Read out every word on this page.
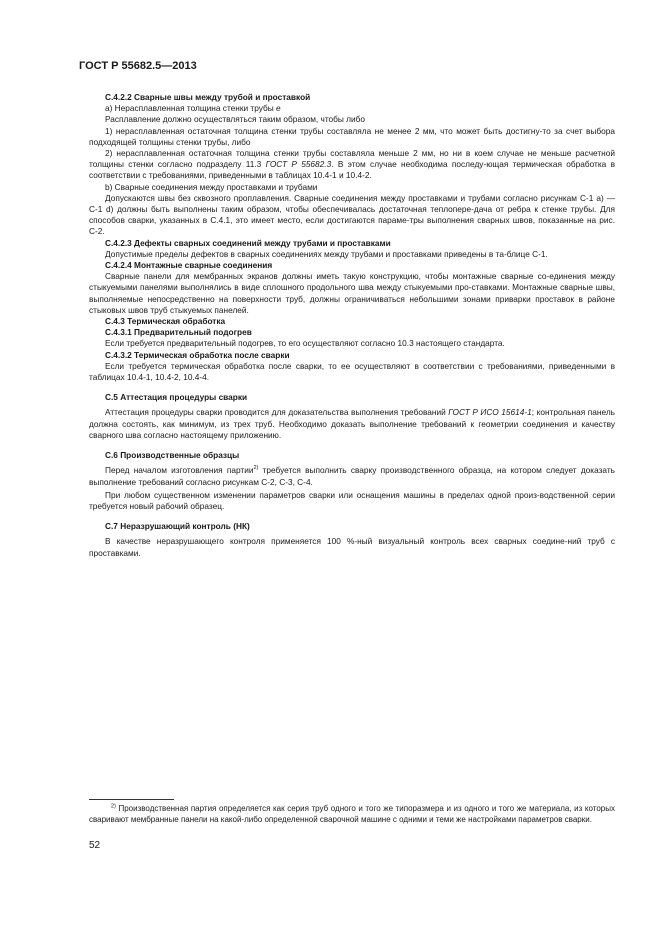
ГОСТ Р 55682.5—2013

С.4.2.2 Сварные швы между трубой и проставкой

а) Нерасплавленная толщина стенки трубы e

Расплавление должно осуществляться таким образом, чтобы либо

1) нерасплавленная остаточная толщина стенки трубы составляла не менее 2 мм, что может быть достигну-то за счет выбора подходящей толщины стенки трубы, либо

2) нерасплавленная остаточная толщина стенки трубы составляла меньше 2 мм, но ни в коем случае не меньше расчетной толщины стенки согласно подразделу 11.3 ГОСТ Р 55682.3. В этом случае необходима последу-ющая термическая обработка в соответствии с требованиями, приведенными в таблицах 10.4-1 и 10.4-2.

b) Сварные соединения между проставками и трубами

Допускаются швы без сквозного проплавления. Сварные соединения между проставками и трубами согласно рисункам С-1 а) — С-1 d) должны быть выполнены таким образом, чтобы обеспечивалась достаточная теплопере-дача от ребра к стенке трубы. Для способов сварки, указанных в С.4.1, это имеет место, если достигаются параме-тры выполнения сварных швов, показанные на рис. С-2.

С.4.2.3 Дефекты сварных соединений между трубами и проставками

Допустимые пределы дефектов в сварных соединениях между трубами и проставками приведены в та-блице С-1.

С.4.2.4 Монтажные сварные соединения

Сварные панели для мембранных экранов должны иметь такую конструкцию, чтобы монтажные сварные со-единения между стыкуемыми панелями выполнялись в виде сплошного продольного шва между стыкуемыми про-ставками. Монтажные сварные швы, выполняемые непосредственно на поверхности труб, должны ограничиваться небольшими зонами приварки проставок в районе стыковых швов труб стыкуемых панелей.

С.4.3 Термическая обработка

С.4.3.1 Предварительный подогрев

Если требуется предварительный подогрев, то его осуществляют согласно 10.3 настоящего стандарта.

С.4.3.2 Термическая обработка после сварки

Если требуется термическая обработка после сварки, то ее осуществляют в соответствии с требованиями, приведенными в таблицах 10.4-1, 10.4-2, 10.4-4.

С.5 Аттестация процедуры сварки

Аттестация процедуры сварки проводится для доказательства выполнения требований ГОСТ Р ИСО 15614-1; контрольная панель должна состоять, как минимум, из трех труб. Необходимо доказать выполнение требований к геометрии соединения и качеству сварного шва согласно настоящему приложению.

С.6 Производственные образцы

Перед началом изготовления партии$^{2)}$ требуется выполнить сварку производственного образца, на котором следует доказать выполнение требований согласно рисункам С-2, С-3, С-4.

При любом существенном изменении параметров сварки или оснащения машины в пределах одной произ-водственной серии требуется новый рабочий образец.

С.7 Неразрушающий контроль (НК)

В качестве неразрушающего контроля применяется 100 %-ный визуальный контроль всех сварных соедине-ний труб с проставками.

$^{2)}$ Производственная партия определяется как серия труб одного и того же типоразмера и из одного и того же материала, из которых сваривают мембранные панели на какой-либо определенной сварочной машине с одними и теми же настройками параметров сварки.

52
